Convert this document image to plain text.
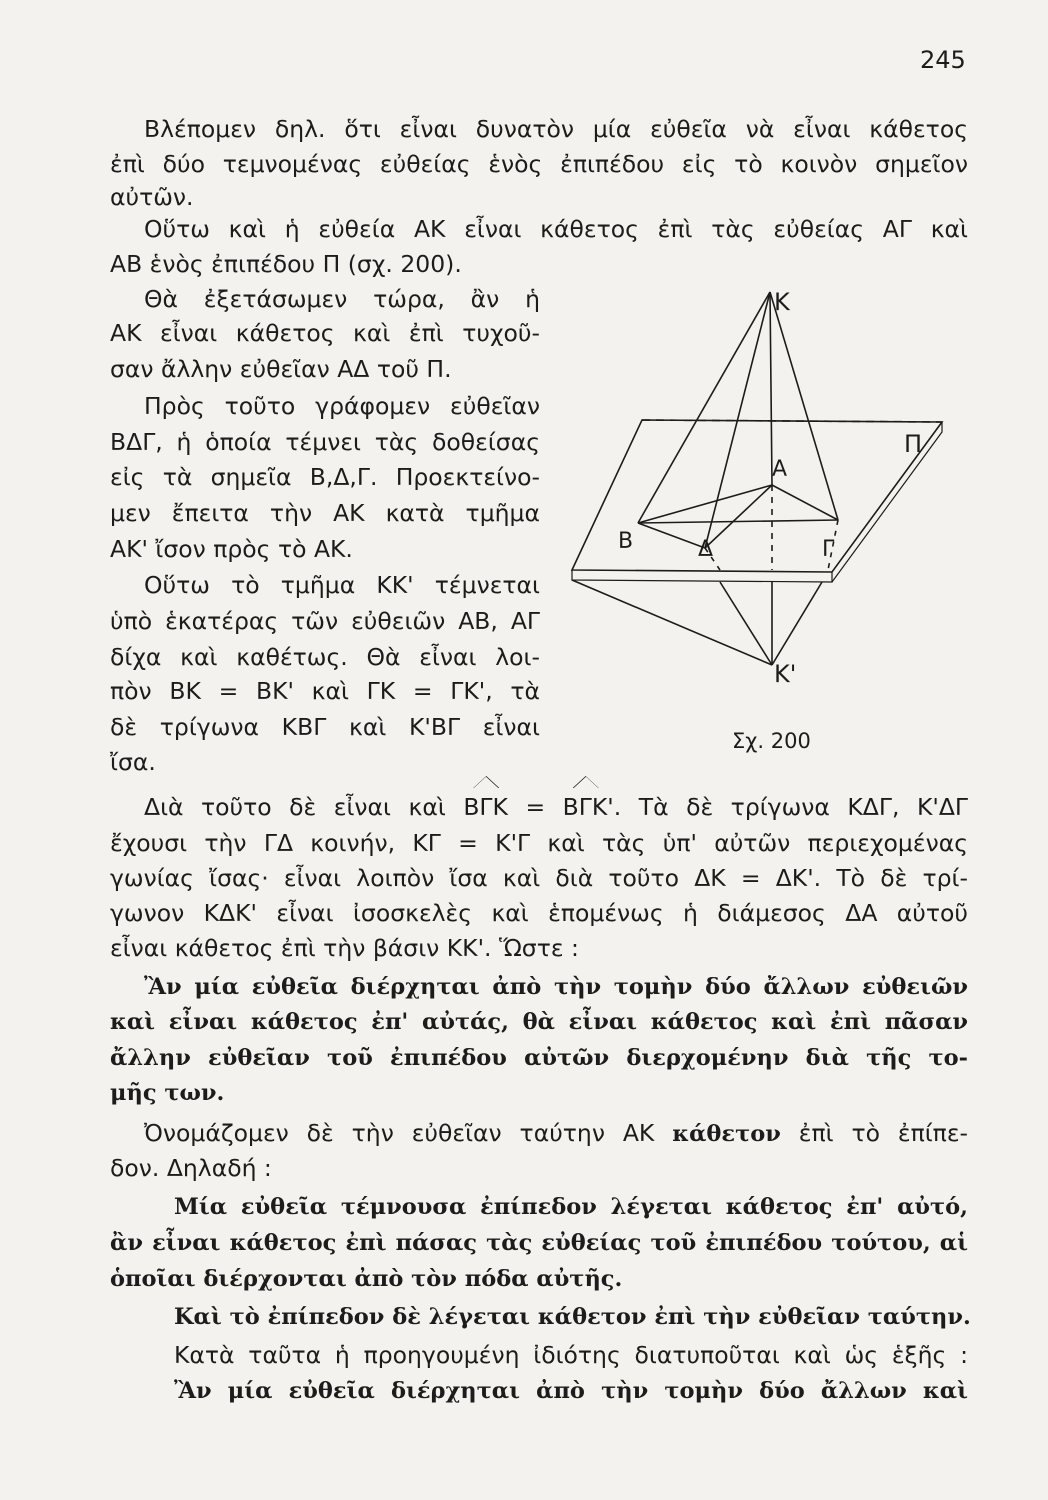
245
Βλέπομεν δηλ. ὅτι εἶναι δυνατὸν μία εὐθεῖα νὰ εἶναι κάθετος
ἐπὶ δύο τεμνομένας εὐθείας ἑνὸς ἐπιπέδου εἰς τὸ κοινὸν σημεῖον
αὐτῶν.
Οὕτω καὶ ἡ εὐθεία ΑΚ εἶναι κάθετος ἐπὶ τὰς εὐθείας ΑΓ καὶ
ΑΒ ἑνὸς ἐπιπέδου Π (σχ. 200).
Θὰ ἐξετάσωμεν τώρα, ἂν ἡ
ΑΚ εἶναι κάθετος καὶ ἐπὶ τυχοῦ-
σαν ἄλλην εὐθεῖαν ΑΔ τοῦ Π.
Πρὸς τοῦτο γράφομεν εὐθεῖαν
ΒΔΓ, ἡ ὁποία τέμνει τὰς δοθείσας
εἰς τὰ σημεῖα Β,Δ,Γ. Προεκτείνο-
μεν ἔπειτα τὴν ΑΚ κατὰ τμῆμα
ΑΚ' ἴσον πρὸς τὸ ΑΚ.
Οὕτω τὸ τμῆμα ΚΚ' τέμνεται
ὑπὸ ἑκατέρας τῶν εὐθειῶν ΑΒ, ΑΓ
δίχα καὶ καθέτως. Θὰ εἶναι λοι-
πὸν ΒΚ = ΒΚ' καὶ ΓΚ = ΓΚ', τὰ
δὲ τρίγωνα ΚΒΓ καὶ Κ'ΒΓ εἶναι
ἴσα.
Κ
Π
Α
Β	Δ	Γ
Κ'
Σχ. 200
Διὰ τοῦτο δὲ εἶναι καὶ ΒΓΚ = ΒΓΚ'. Τὰ δὲ τρίγωνα ΚΔΓ, Κ'ΔΓ
ἔχουσι τὴν ΓΔ κοινήν, ΚΓ = Κ'Γ καὶ τὰς ὑπ' αὐτῶν περιεχομένας
γωνίας ἴσας· εἶναι λοιπὸν ἴσα καὶ διὰ τοῦτο ΔΚ = ΔΚ'. Τὸ δὲ τρί-
γωνον ΚΔΚ' εἶναι ἰσοσκελὲς καὶ ἑπομένως ἡ διάμεσος ΔΑ αὐτοῦ
εἶναι κάθετος ἐπὶ τὴν βάσιν ΚΚ'. Ὥστε :
Ἂν μία εὐθεῖα διέρχηται ἀπὸ τὴν τομὴν δύο ἄλλων εὐθειῶν
καὶ εἶναι κάθετος ἐπ' αὐτάς, θὰ εἶναι κάθετος καὶ ἐπὶ πᾶσαν
ἄλλην εὐθεῖαν τοῦ ἐπιπέδου αὐτῶν διερχομένην διὰ τῆς το-
μῆς των.
Ὀνομάζομεν δὲ τὴν εὐθεῖαν ταύτην ΑΚ κάθετον ἐπὶ τὸ ἐπίπε-
δον. Δηλαδή :
Μία εὐθεῖα τέμνουσα ἐπίπεδον λέγεται κάθετος ἐπ' αὐτό,
ἂν εἶναι κάθετος ἐπὶ πάσας τὰς εὐθείας τοῦ ἐπιπέδου τούτου, αἱ
ὁποῖαι διέρχονται ἀπὸ τὸν πόδα αὐτῆς.
Καὶ τὸ ἐπίπεδον δὲ λέγεται κάθετον ἐπὶ τὴν εὐθεῖαν ταύτην.
Κατὰ ταῦτα ἡ προηγουμένη ἰδιότης διατυποῦται καὶ ὡς ἑξῆς :
Ἂν μία εὐθεῖα διέρχηται ἀπὸ τὴν τομὴν δύο ἄλλων καὶ
